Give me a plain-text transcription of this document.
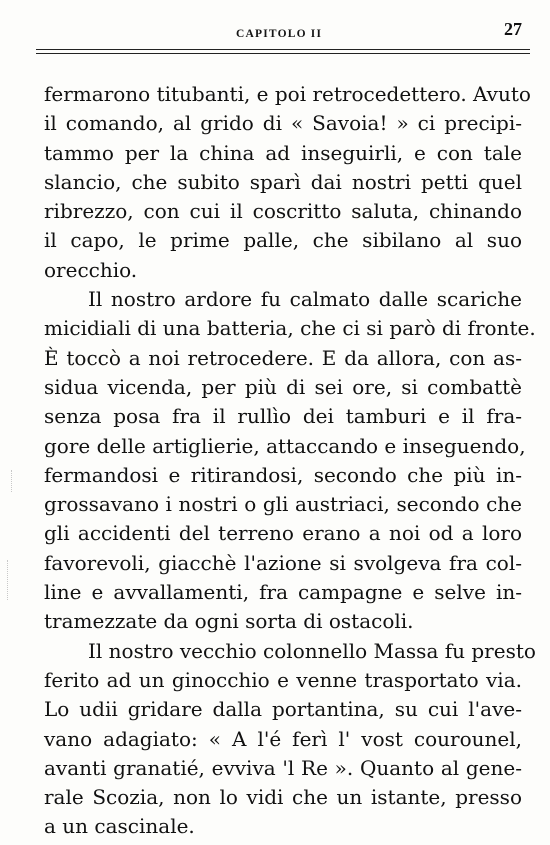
CAPITOLO II	27
fermarono titubanti, e poi retrocedettero. Avuto
il comando, al grido di « Savoia! » ci precipi-
tammo per la china ad inseguirli, e con tale
slancio, che subito sparì dai nostri petti quel
ribrezzo, con cui il coscritto saluta, chinando
il capo, le prime palle, che sibilano al suo
orecchio.
Il nostro ardore fu calmato dalle scariche
micidiali di una batteria, che ci si parò di fronte.
È toccò a noi retrocedere. E da allora, con as-
sidua vicenda, per più di sei ore, si combattè
senza posa fra il rullìo dei tamburi e il fra-
gore delle artiglierie, attaccando e inseguendo,
fermandosi e ritirandosi, secondo che più in-
grossavano i nostri o gli austriaci, secondo che
gli accidenti del terreno erano a noi od a loro
favorevoli, giacchè l'azione si svolgeva fra col-
line e avvallamenti, fra campagne e selve in-
tramezzate da ogni sorta di ostacoli.
Il nostro vecchio colonnello Massa fu presto
ferito ad un ginocchio e venne trasportato via.
Lo udii gridare dalla portantina, su cui l'ave-
vano adagiato: « A l'é ferì l' vost courounel,
avanti granatié, evviva 'l Re ». Quanto al gene-
rale Scozia, non lo vidi che un istante, presso
a un cascinale.
